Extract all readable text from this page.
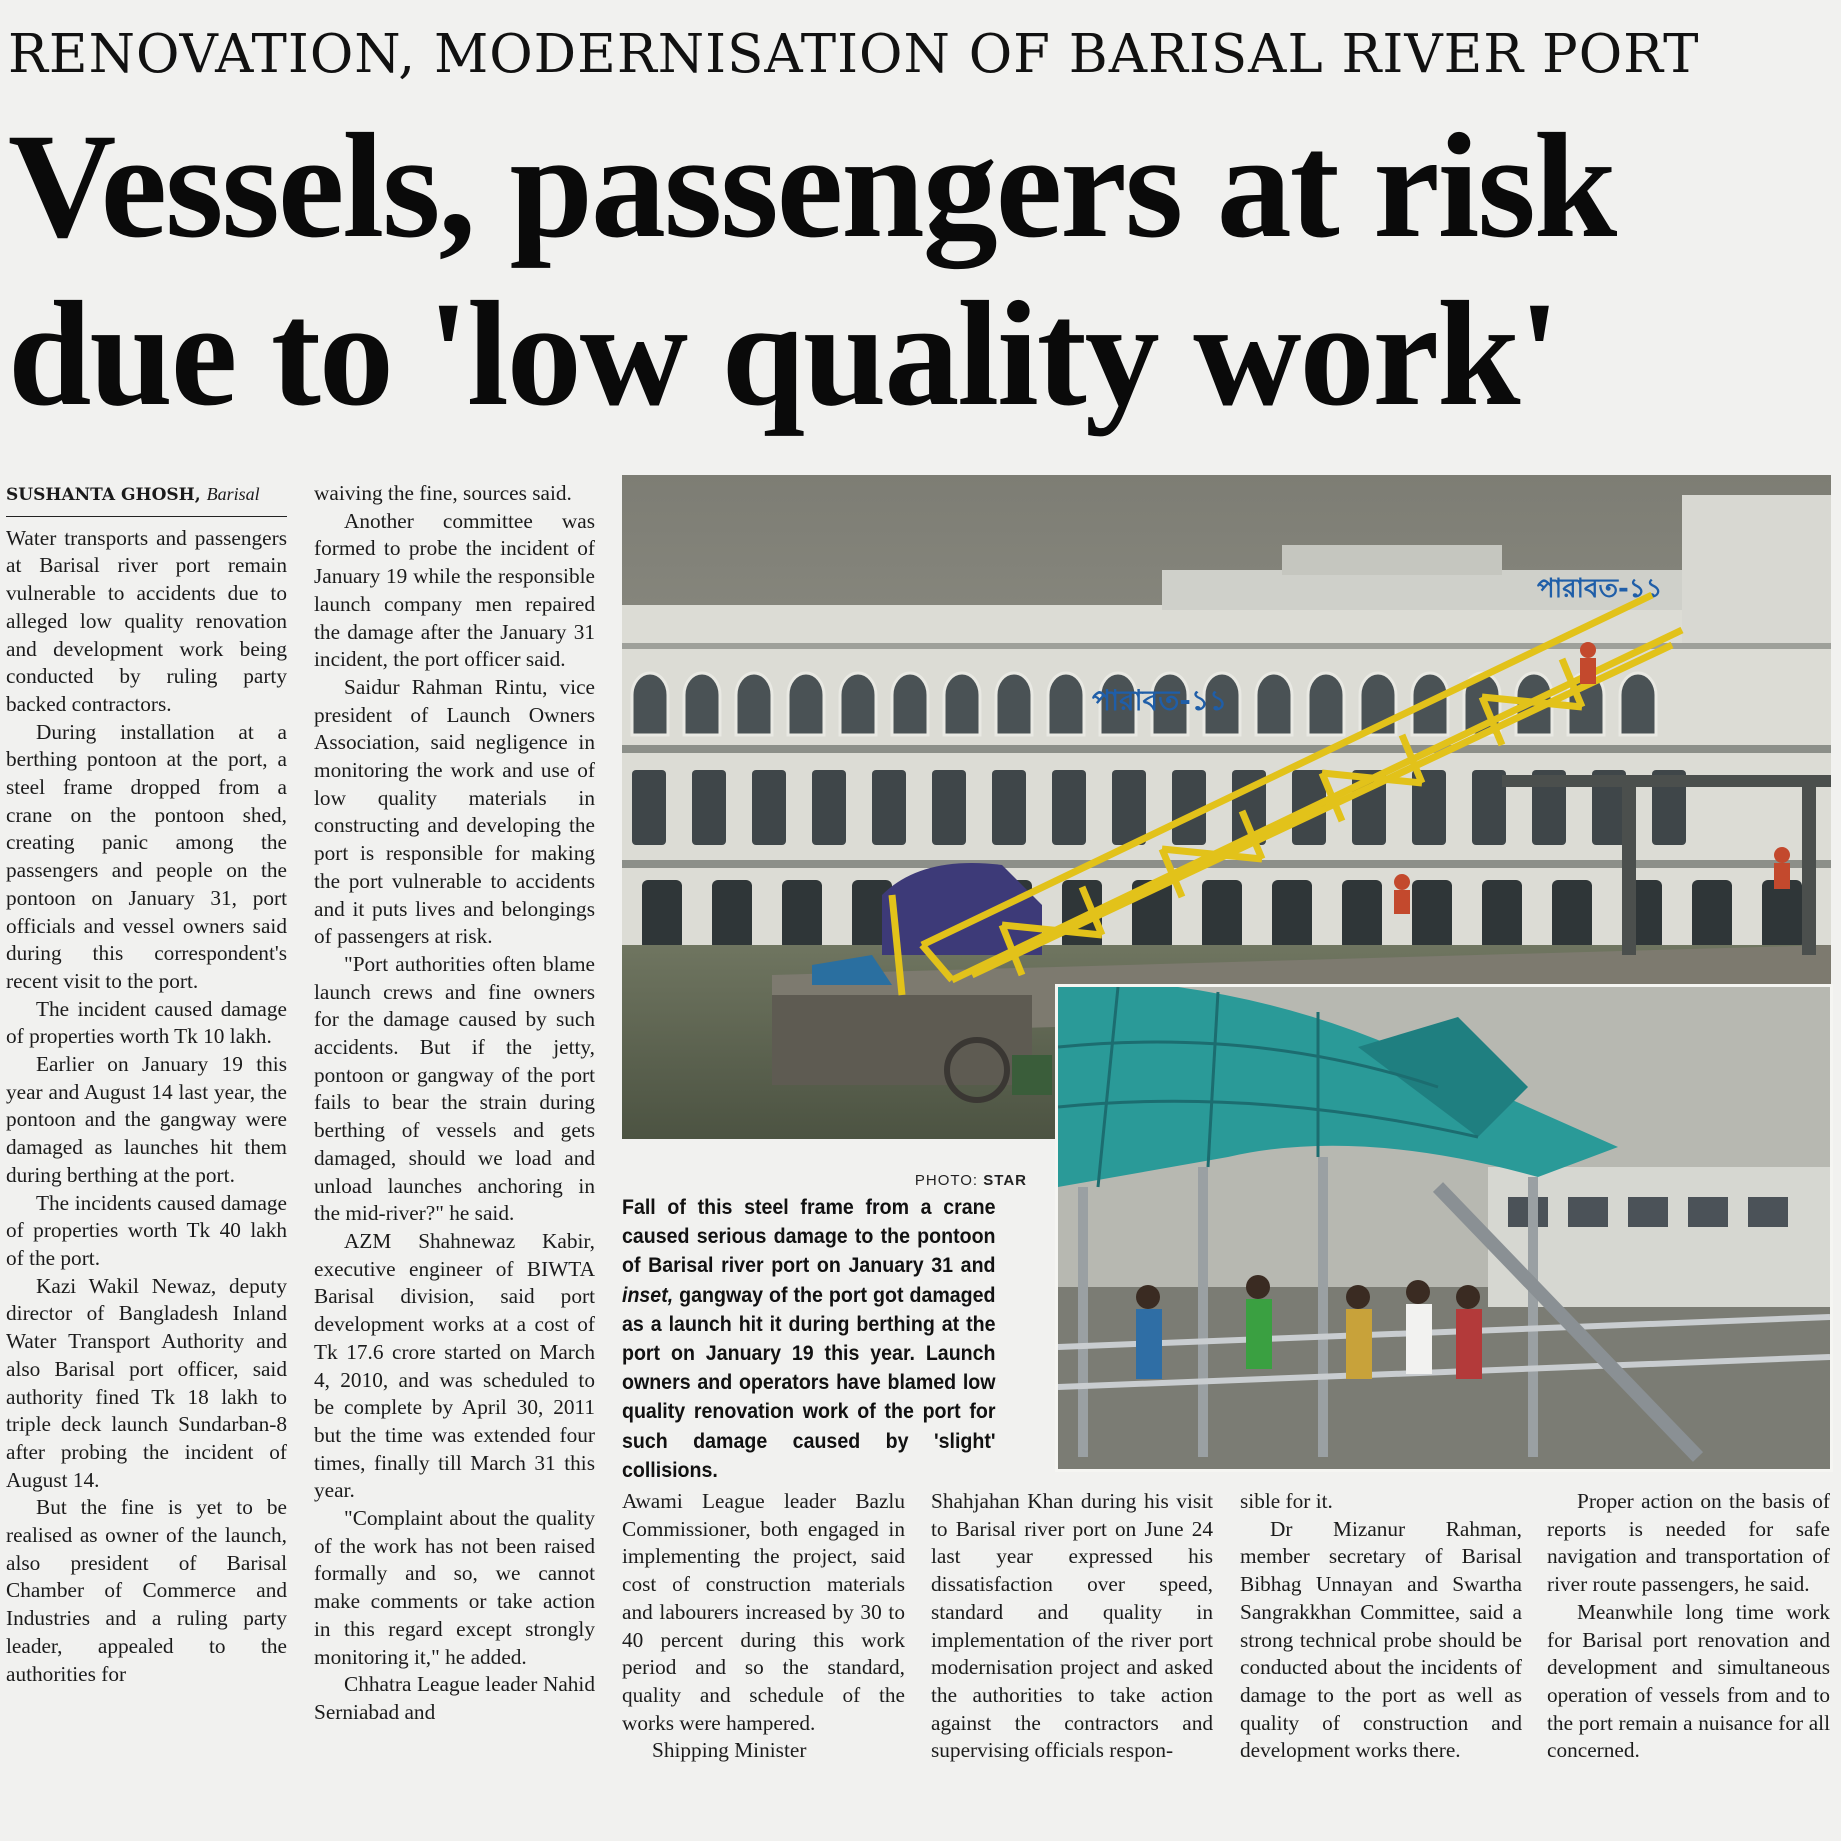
RENOVATION, MODERNISATION OF BARISAL RIVER PORT
Vessels, passengers at risk
due to 'low quality work'
SUSHANTA GHOSH, Barisal

Water transports and passengers at Barisal river port remain vulnerable to accidents due to alleged low quality renovation and development work being conducted by ruling party backed contractors.

During installation at a berthing pontoon at the port, a steel frame dropped from a crane on the pontoon shed, creating panic among the passengers and people on the pontoon on January 31, port officials and vessel owners said during this correspondent's recent visit to the port.

The incident caused damage of properties worth Tk 10 lakh.

Earlier on January 19 this year and August 14 last year, the pontoon and the gangway were damaged as launches hit them during berthing at the port.

The incidents caused damage of properties worth Tk 40 lakh of the port.

Kazi Wakil Newaz, deputy director of Bangladesh Inland Water Transport Authority and also Barisal port officer, said authority fined Tk 18 lakh to triple deck launch Sundarban-8 after probing the incident of August 14.

But the fine is yet to be realised as owner of the launch, also president of Barisal Chamber of Commerce and Industries and a ruling party leader, appealed to the authorities for

waiving the fine, sources said.

Another committee was formed to probe the incident of January 19 while the responsible launch company men repaired the damage after the January 31 incident, the port officer said.

Saidur Rahman Rintu, vice president of Launch Owners Association, said negligence in monitoring the work and use of low quality materials in constructing and developing the port is responsible for making the port vulnerable to accidents and it puts lives and belongings of passengers at risk.

"Port authorities often blame launch crews and fine owners for the damage caused by such accidents. But if the jetty, pontoon or gangway of the port fails to bear the strain during berthing of vessels and gets damaged, should we load and unload launches anchoring in the mid-river?" he said.

AZM Shahnewaz Kabir, executive engineer of BIWTA Barisal division, said port development works at a cost of Tk 17.6 crore started on March 4, 2010, and was scheduled to be complete by April 30, 2011 but the time was extended four times, finally till March 31 this year.

"Complaint about the quality of the work has not been raised formally and so, we cannot make comments or take action in this regard except strongly monitoring it," he added.

Chhatra League leader Nahid Serniabad and

Awami League leader Bazlu Commissioner, both engaged in implementing the project, said cost of construction materials and labourers increased by 30 to 40 percent during this work period and so the standard, quality and schedule of the works were hampered.

Shipping Minister

Shahjahan Khan during his visit to Barisal river port on June 24 last year expressed his dissatisfaction over speed, standard and quality in implementation of the river port modernisation project and asked the authorities to take action against the contractors and supervising officials respon-

sible for it.

Dr Mizanur Rahman, member secretary of Barisal Bibhag Unnayan and Swartha Sangrakkhan Committee, said a strong technical probe should be conducted about the incidents of damage to the port as well as quality of construction and development works there.

Proper action on the basis of reports is needed for safe navigation and transportation of river route passengers, he said.

Meanwhile long time work for Barisal port renovation and development and simultaneous operation of vessels from and to the port remain a nuisance for all concerned.

পারাবত-১১
পারাবত-১১
PHOTO: STAR

Fall of this steel frame from a crane caused serious damage to the pontoon of Barisal river port on January 31 and inset, gangway of the port got damaged as a launch hit it during berthing at the port on January 19 this year. Launch owners and operators have blamed low quality renovation work of the port for such damage caused by 'slight' collisions.
